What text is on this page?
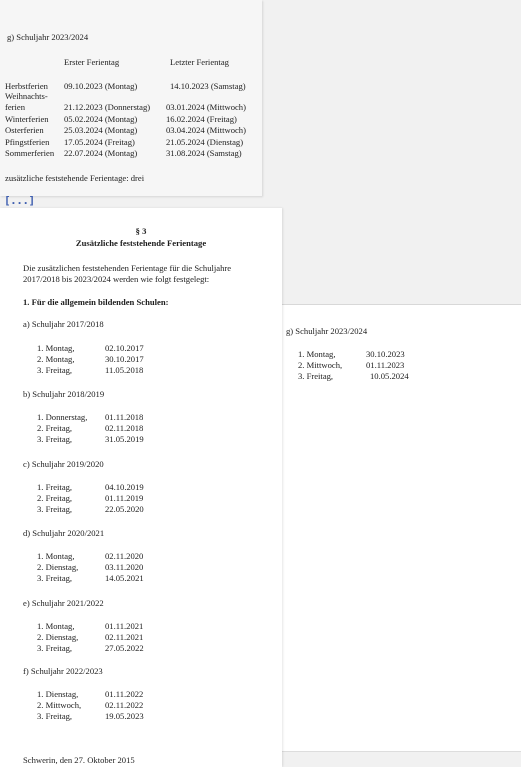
g) Schuljahr 2023/2024
Erster Ferientag	Letzter Ferientag
Herbstferien 09.10.2023 (Montag)	14.10.2023 (Samstag)
Weihnachts-
ferien	21.12.2023 (Donnerstag) 03.01.2024 (Mittwoch)
Winterferien 05.02.2024 (Montag)	16.02.2024 (Freitag)
Osterferien 25.03.2024 (Montag)	03.04.2024 (Mittwoch)
Pfingstferien 17.05.2024 (Freitag)	21.05.2024 (Dienstag)
Sommerferien 22.07.2024 (Montag)	31.08.2024 (Samstag)
zusätzliche feststehende Ferientage: drei
[...]
g) Schuljahr 2023/2024
1. Montag,	30.10.2023
2. Mittwoch,	01.11.2023
3. Freitag,	10.05.2024
§ 3
Zusätzliche feststehende Ferientage
Die zusätzlichen feststehenden Ferientage für die Schuljahre
2017/2018 bis 2023/2024 werden wie folgt festgelegt:
1. Für die allgemein bildenden Schulen:
a) Schuljahr 2017/2018
1. Montag,	02.10.2017
2. Montag,	30.10.2017
3. Freitag,	11.05.2018
b) Schuljahr 2018/2019
1. Donnerstag, 01.11.2018
2. Freitag,	02.11.2018
3. Freitag,	31.05.2019
c) Schuljahr 2019/2020
1. Freitag,	04.10.2019
2. Freitag,	01.11.2019
3. Freitag,	22.05.2020
d) Schuljahr 2020/2021
1. Montag,	02.11.2020
2. Dienstag,	03.11.2020
3. Freitag,	14.05.2021
e) Schuljahr 2021/2022
1. Montag,	01.11.2021
2. Dienstag,	02.11.2021
3. Freitag,	27.05.2022
f) Schuljahr 2022/2023
1. Dienstag,	01.11.2022
2. Mittwoch,	02.11.2022
3. Freitag,	19.05.2023
Schwerin, den 27. Oktober 2015
